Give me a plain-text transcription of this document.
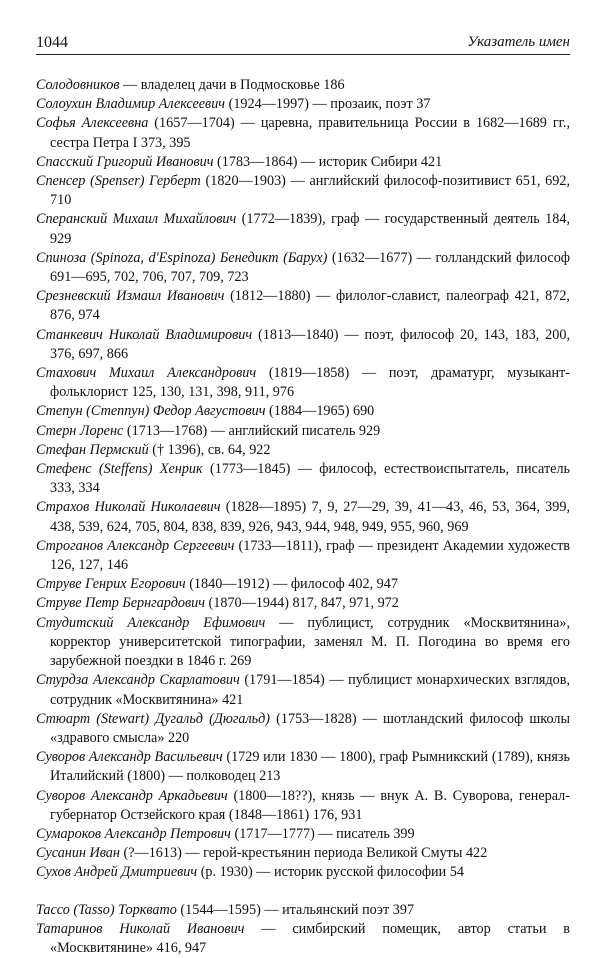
1044	Указатель имен

Солодовников — владелец дачи в Подмосковье 186

Солоухин Владимир Алексеевич (1924—1997) — прозаик, поэт 37

Софья Алексеевна (1657—1704) — царевна, правительница России в 1682—1689 гг., сестра Петра I 373, 395

Спасский Григорий Иванович (1783—1864) — историк Сибири 421

Спенсер (Spenser) Герберт (1820—1903) — английский философ-позитивист 651, 692, 710

Сперанский Михаил Михайлович (1772—1839), граф — государственный деятель 184, 929

Спиноза (Spinoza, d'Espinoza) Бенедикт (Барух) (1632—1677) — голландский философ 691—695, 702, 706, 707, 709, 723

Срезневский Измаил Иванович (1812—1880) — филолог-славист, палеограф 421, 872, 876, 974

Станкевич Николай Владимирович (1813—1840) — поэт, философ 20, 143, 183, 200, 376, 697, 866

Стахович Михаил Александрович (1819—1858) — поэт, драматург, музыкант-фольклорист 125, 130, 131, 398, 911, 976

Степун (Степпун) Федор Августович (1884—1965) 690

Стерн Лоренс (1713—1768) — английский писатель 929

Стефан Пермский († 1396), св. 64, 922

Стефенс (Steffens) Хенрик (1773—1845) — философ, естествоиспытатель, писатель 333, 334

Страхов Николай Николаевич (1828—1895) 7, 9, 27—29, 39, 41—43, 46, 53, 364, 399, 438, 539, 624, 705, 804, 838, 839, 926, 943, 944, 948, 949, 955, 960, 969

Строганов Александр Сергеевич (1733—1811), граф — президент Академии художеств 126, 127, 146

Струве Генрих Егорович (1840—1912) — философ 402, 947

Струве Петр Бернгардович (1870—1944) 817, 847, 971, 972

Студитский Александр Ефимович — публицист, сотрудник «Москвитянина», корректор университетской типографии, заменял М. П. Погодина во время его зарубежной поездки в 1846 г. 269

Стурдза Александр Скарлатович (1791—1854) — публицист монархических взглядов, сотрудник «Москвитянина» 421

Стюарт (Stewart) Дугальд (Дюгальд) (1753—1828) — шотландский философ школы «здравого смысла» 220

Суворов Александр Васильевич (1729 или 1830 — 1800), граф Рымникский (1789), князь Италийский (1800) — полководец 213

Суворов Александр Аркадьевич (1800—18??), князь — внук А. В. Суворова, генерал-губернатор Остзейского края (1848—1861) 176, 931

Сумароков Александр Петрович (1717—1777) — писатель 399

Сусанин Иван (?—1613) — герой-крестьянин периода Великой Смуты 422

Сухов Андрей Дмитриевич (р. 1930) — историк русской философии 54

Тассо (Tasso) Торквато (1544—1595) — итальянский поэт 397

Татаринов Николай Иванович — симбирский помещик, автор статьи в «Москвитянине» 416, 947
